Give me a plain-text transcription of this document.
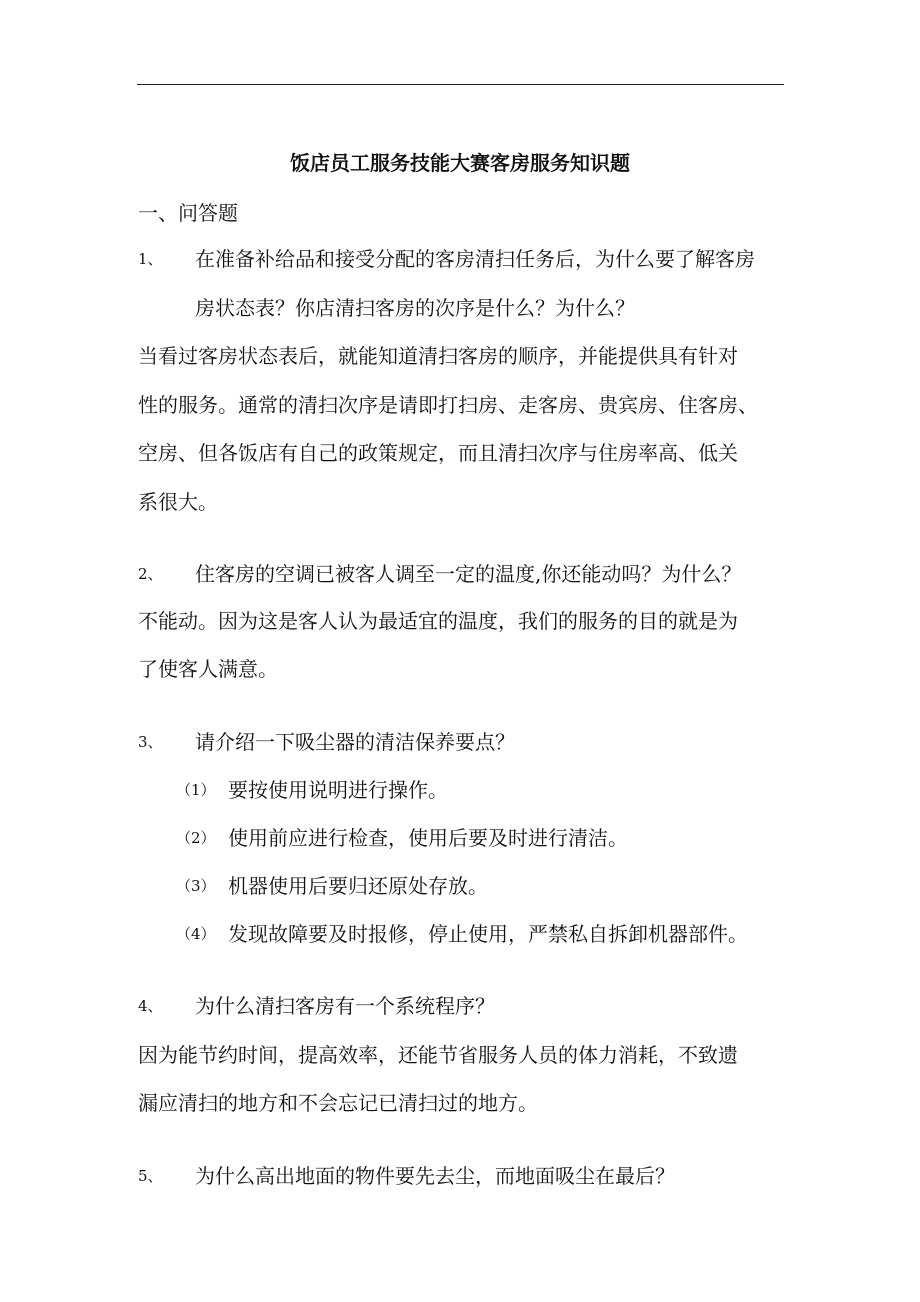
饭店员工服务技能大赛客房服务知识题
一、问答题
1、 在准备补给品和接受分配的客房清扫任务后，为什么要了解客房
房状态表？你店清扫客房的次序是什么？为什么？
当看过客房状态表后，就能知道清扫客房的顺序，并能提供具有针对
性的服务。通常的清扫次序是请即打扫房、走客房、贵宾房、住客房、
空房、但各饭店有自己的政策规定，而且清扫次序与住房率高、低关
系很大。
2、 住客房的空调已被客人调至一定的温度,你还能动吗？为什么？
不能动。因为这是客人认为最适宜的温度，我们的服务的目的就是为
了使客人满意。
3、 请介绍一下吸尘器的清洁保养要点？
（1） 要按使用说明进行操作。
（2） 使用前应进行检查，使用后要及时进行清洁。
（3） 机器使用后要归还原处存放。
（4） 发现故障要及时报修，停止使用，严禁私自拆卸机器部件。
4、 为什么清扫客房有一个系统程序？
因为能节约时间，提高效率，还能节省服务人员的体力消耗，不致遗
漏应清扫的地方和不会忘记已清扫过的地方。
5、 为什么高出地面的物件要先去尘，而地面吸尘在最后？
